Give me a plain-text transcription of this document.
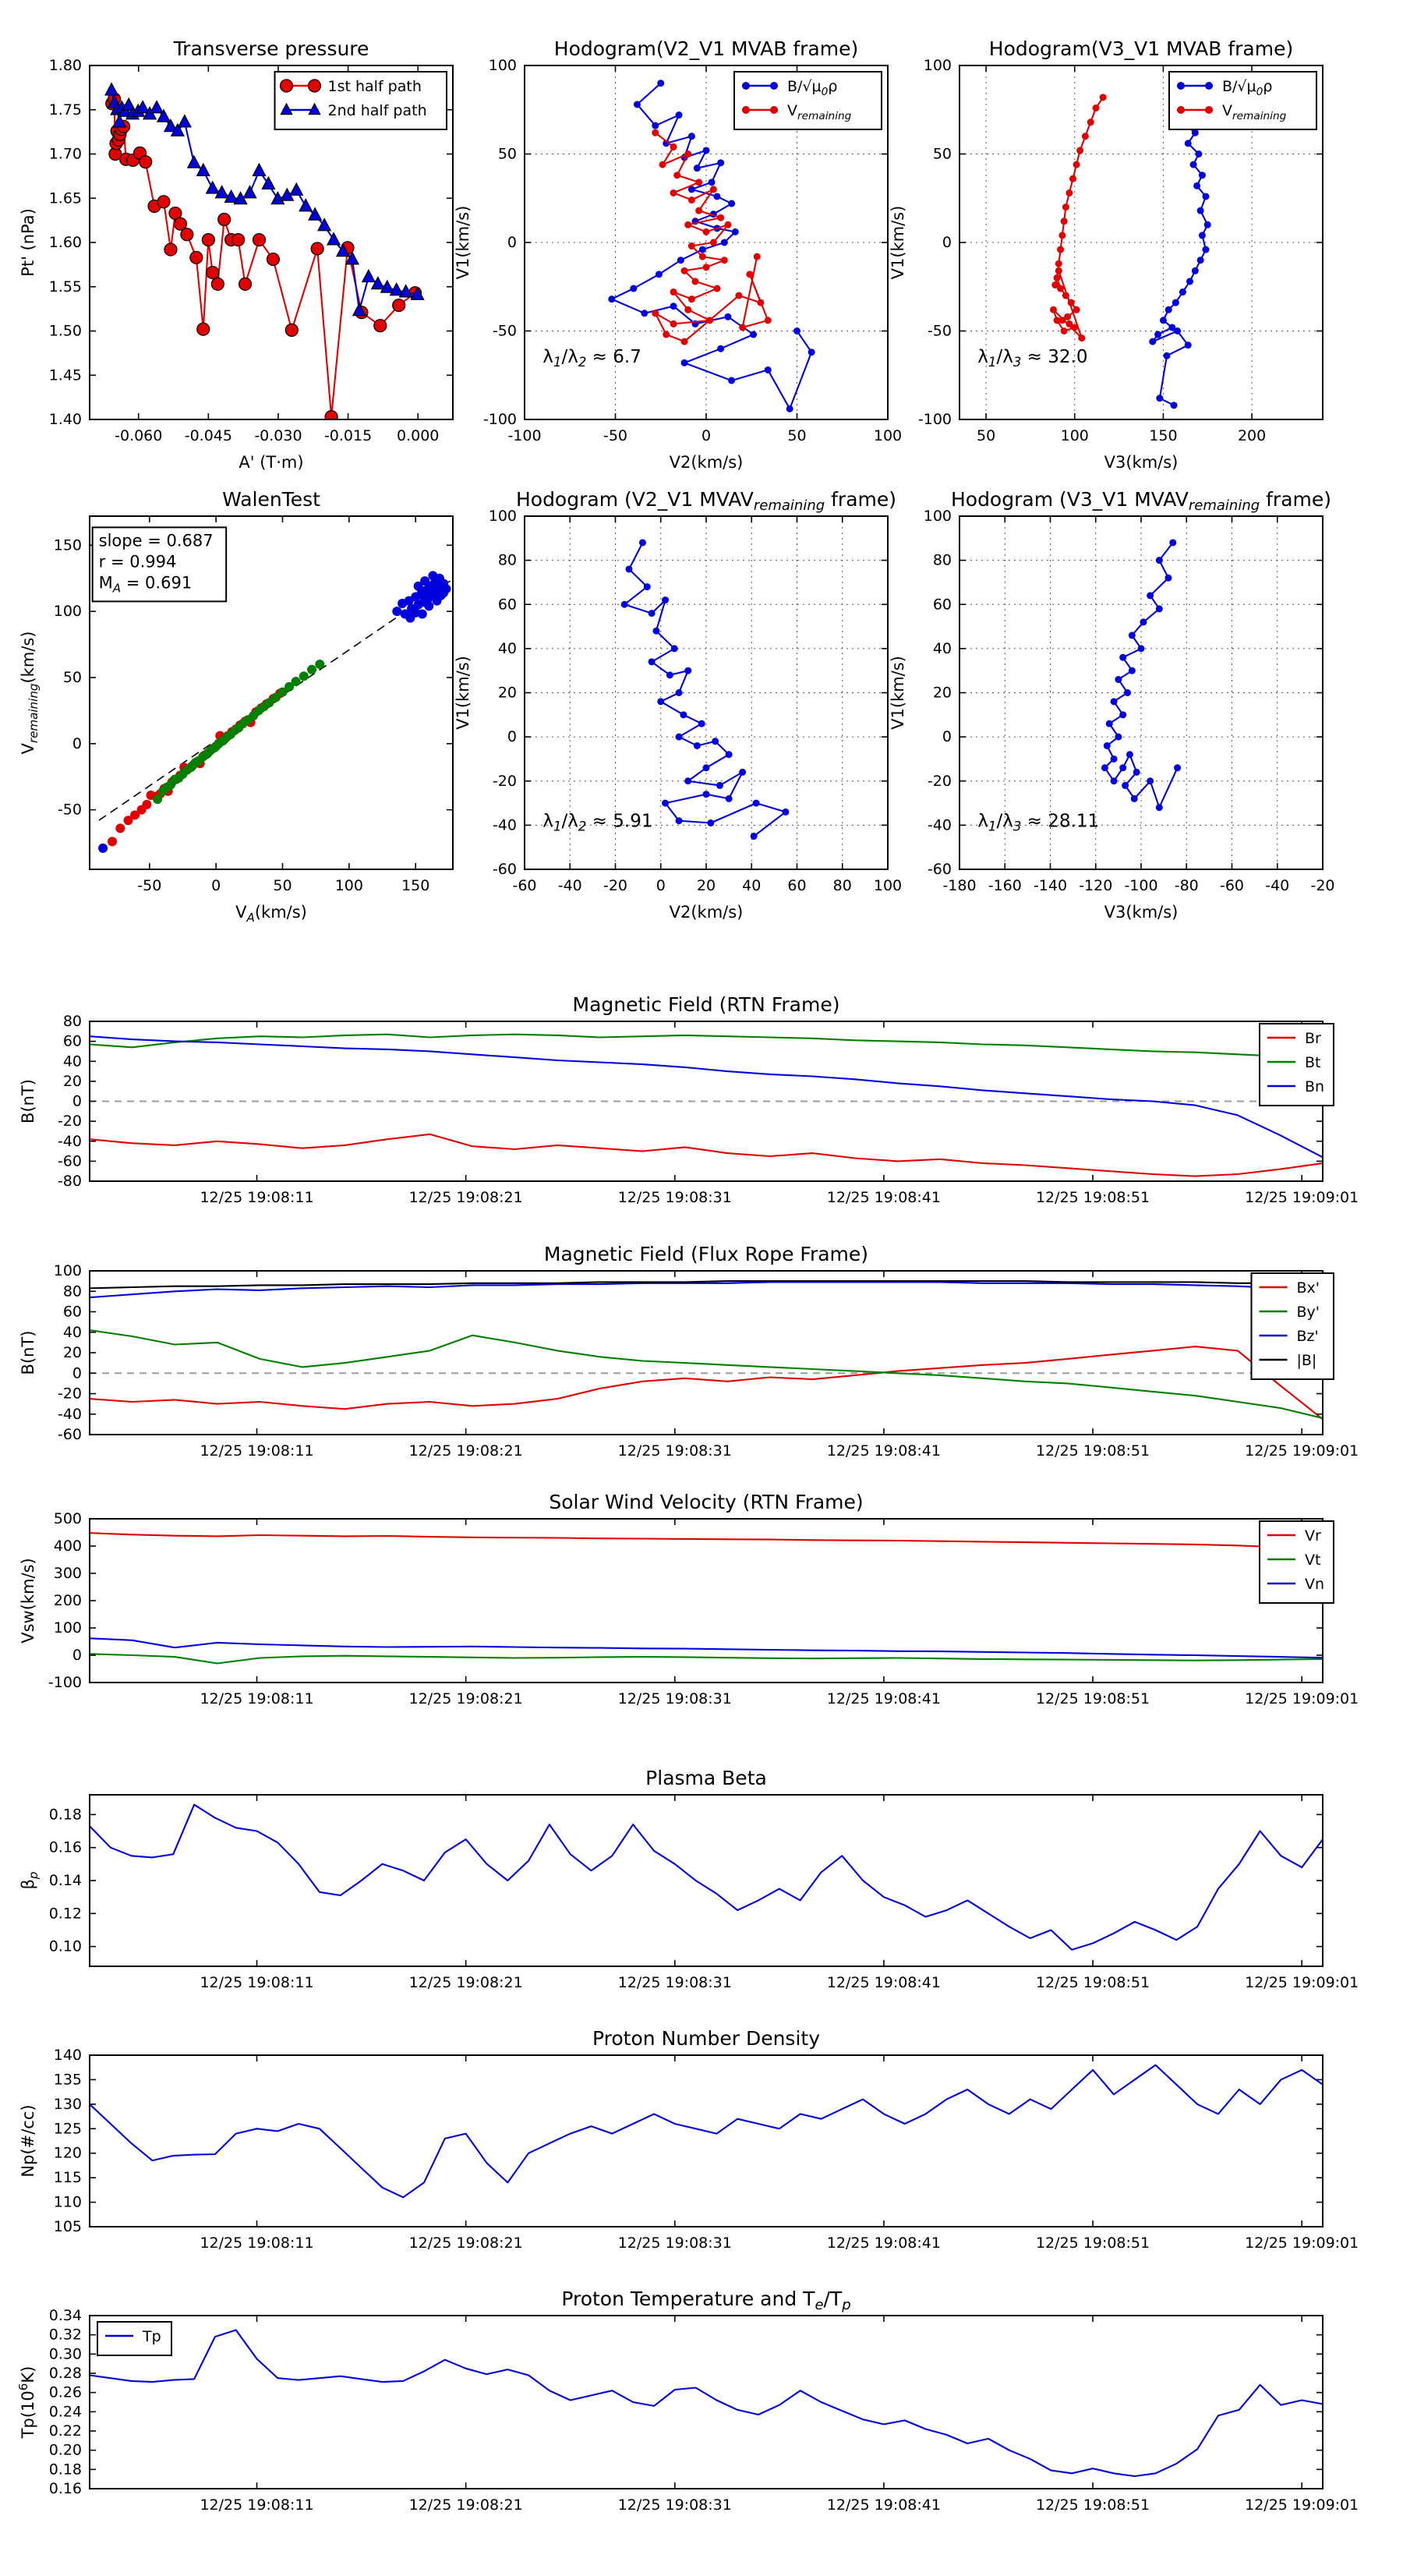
-0.060 -0.045 -0.030 -0.015 0.000
1.40
1.45
1.50
1.55
1.60
1.65
1.70
1.75
1.80
Transverse pressure
A' (T·m)
Pt' (nPa)
1st half path
2nd half path
-100	-50	0	50	100
-100
-50
0
50
100
Hodogram(V2_V1 MVAB frame)
V2(km/s)
V1(km/s)
$B/√\mu_0\rho$
$V_{remaining}$
$\lambda_1/\lambda_2 \approx 6.7$
50	100	150	200
-100
-50
0
50
100
Hodogram(V3_V1 MVAB frame)
V3(km/s)
V1(km/s)
$B/√\mu_0\rho$
$V_{remaining}$
$\lambda_1/\lambda_3 \approx 32.0$
-50	0	50	100	150
-50
0
50
100
150
WalenTest
$V_A(km/s)$
$V_{remaining}(km/s)$
slope = 0.687
r = 0.994
$M_A = 0.691$
-60 -40 -20 0 20 40 60 80 100
-60
-40
-20
0
20
40
60
80
100
Hodogram (V2_V1 $MVAV_{remaining}$ frame)
V2(km/s)
V1(km/s)
$\lambda_1/\lambda_2 \approx 5.91$
-180 -160 -140 -120 -100 -80 -60 -40 -20
-60
-40
-20
0
20
40
60
80
100
Hodogram (V3_V1 $MVAV_{remaining}$ frame)
V3(km/s)
V1(km/s)
$\lambda_1/\lambda_3 \approx 28.11$
12/25 19:08:11	12/25 19:08:21	12/25 19:08:31	12/25 19:08:41	12/25 19:08:51	12/25 19:09:01
-80
-60
-40
-20
0
20
40
60
80
Magnetic Field (RTN Frame)
B(nT)
Br
Bt
Bn
12/25 19:08:11	12/25 19:08:21	12/25 19:08:31	12/25 19:08:41	12/25 19:08:51	12/25 19:09:01
-60
-40
-20
0
20
40
60
80
100
Magnetic Field (Flux Rope Frame)
B(nT)
Bx'
By'
Bz'
|B|
12/25 19:08:11	12/25 19:08:21	12/25 19:08:31	12/25 19:08:41	12/25 19:08:51	12/25 19:09:01
-100
0
100
200
300
400
500
Solar Wind Velocity (RTN Frame)
Vsw(km/s)
Vr
Vt
Vn
12/25 19:08:11	12/25 19:08:21	12/25 19:08:31	12/25 19:08:41	12/25 19:08:51	12/25 19:09:01
0.10
0.12
0.14
0.16
0.18
Plasma Beta
$\beta_p$
12/25 19:08:11	12/25 19:08:21	12/25 19:08:31	12/25 19:08:41	12/25 19:08:51	12/25 19:09:01
105
110
115
120
125
130
135
140
Proton Number Density
Np(#/cc)
12/25 19:08:11	12/25 19:08:21	12/25 19:08:31	12/25 19:08:41	12/25 19:08:51	12/25 19:09:01
0.16
0.18
0.20
0.22
0.24
0.26
0.28
0.30
0.32
0.34
Proton Temperature and $T_e/T_p$
$Tp(10^6K)$
Tp
